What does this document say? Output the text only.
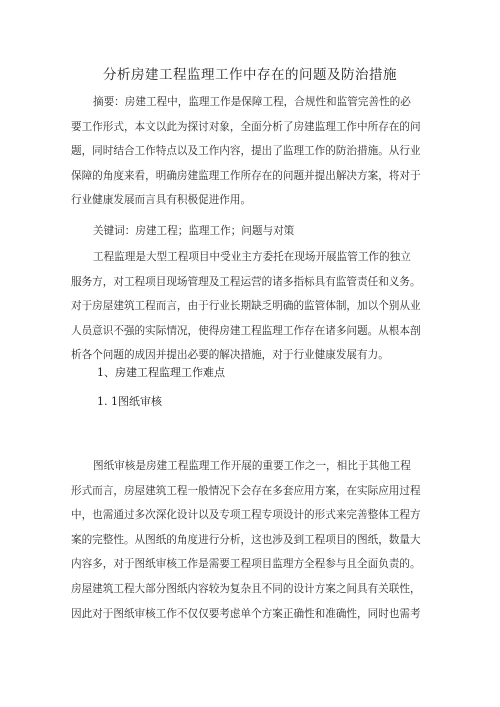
分析房建工程监理工作中存在的问题及防治措施
摘要：房建工程中，监理工作是保障工程，合规性和监管完善性的必
要工作形式，本文以此为探讨对象，全面分析了房建监理工作中所存在的问
题，同时结合工作特点以及工作内容，提出了监理工作的防治措施。从行业
保障的角度来看，明确房建监理工作所存在的问题并提出解决方案，将对于
行业健康发展而言具有积极促进作用。
关键词：房建工程；监理工作；问题与对策
工程监理是大型工程项目中受业主方委托在现场开展监管工作的独立
服务方，对工程项目现场管理及工程运营的诸多指标具有监管责任和义务。
对于房屋建筑工程而言，由于行业长期缺乏明确的监管体制，加以个别从业
人员意识不强的实际情况，使得房建工程监理工作存在诸多问题。从根本剖
析各个问题的成因并提出必要的解决措施，对于行业健康发展有力。
1、房建工程监理工作难点
1. 1图纸审核
图纸审核是房建工程监理工作开展的重要工作之一，相比于其他工程
形式而言，房屋建筑工程一般情况下会存在多套应用方案，在实际应用过程
中，也需通过多次深化设计以及专项工程专项设计的形式来完善整体工程方
案的完整性。从图纸的角度进行分析，这也涉及到工程项目的图纸，数量大
内容多，对于图纸审核工作是需要工程项目监理方全程参与且全面负责的。
房屋建筑工程大部分图纸内容较为复杂且不同的设计方案之间具有关联性，
因此对于图纸审核工作不仅仅要考虑单个方案正确性和准确性，同时也需考
